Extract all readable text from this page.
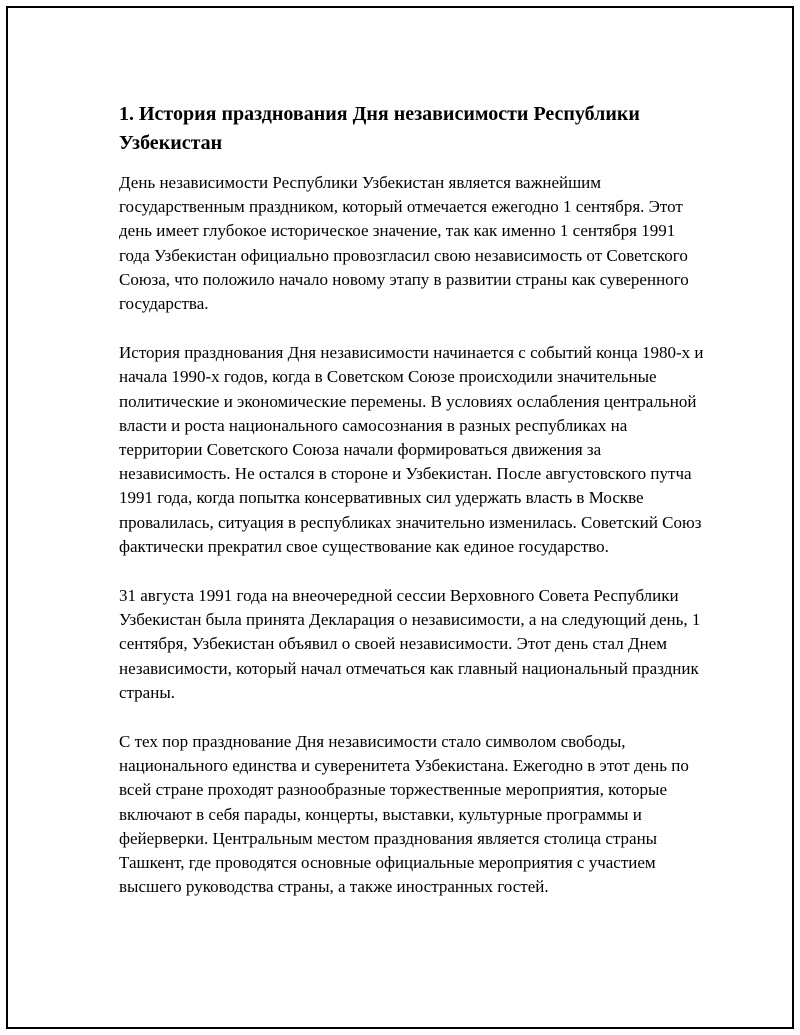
1. История празднования Дня независимости Республики Узбекистан

День независимости Республики Узбекистан является важнейшим государственным праздником, который отмечается ежегодно 1 сентября. Этот день имеет глубокое историческое значение, так как именно 1 сентября 1991 года Узбекистан официально провозгласил свою независимость от Советского Союза, что положило начало новому этапу в развитии страны как суверенного государства.

История празднования Дня независимости начинается с событий конца 1980-х и начала 1990-х годов, когда в Советском Союзе происходили значительные политические и экономические перемены. В условиях ослабления центральной власти и роста национального самосознания в разных республиках на территории Советского Союза начали формироваться движения за независимость. Не остался в стороне и Узбекистан. После августовского путча 1991 года, когда попытка консервативных сил удержать власть в Москве провалилась, ситуация в республиках значительно изменилась. Советский Союз фактически прекратил свое существование как единое государство.

31 августа 1991 года на внеочередной сессии Верховного Совета Республики Узбекистан была принята Декларация о независимости, а на следующий день, 1 сентября, Узбекистан объявил о своей независимости. Этот день стал Днем независимости, который начал отмечаться как главный национальный праздник страны.

С тех пор празднование Дня независимости стало символом свободы, национального единства и суверенитета Узбекистана. Ежегодно в этот день по всей стране проходят разнообразные торжественные мероприятия, которые включают в себя парады, концерты, выставки, культурные программы и фейерверки. Центральным местом празднования является столица страны Ташкент, где проводятся основные официальные мероприятия с участием высшего руководства страны, а также иностранных гостей.
